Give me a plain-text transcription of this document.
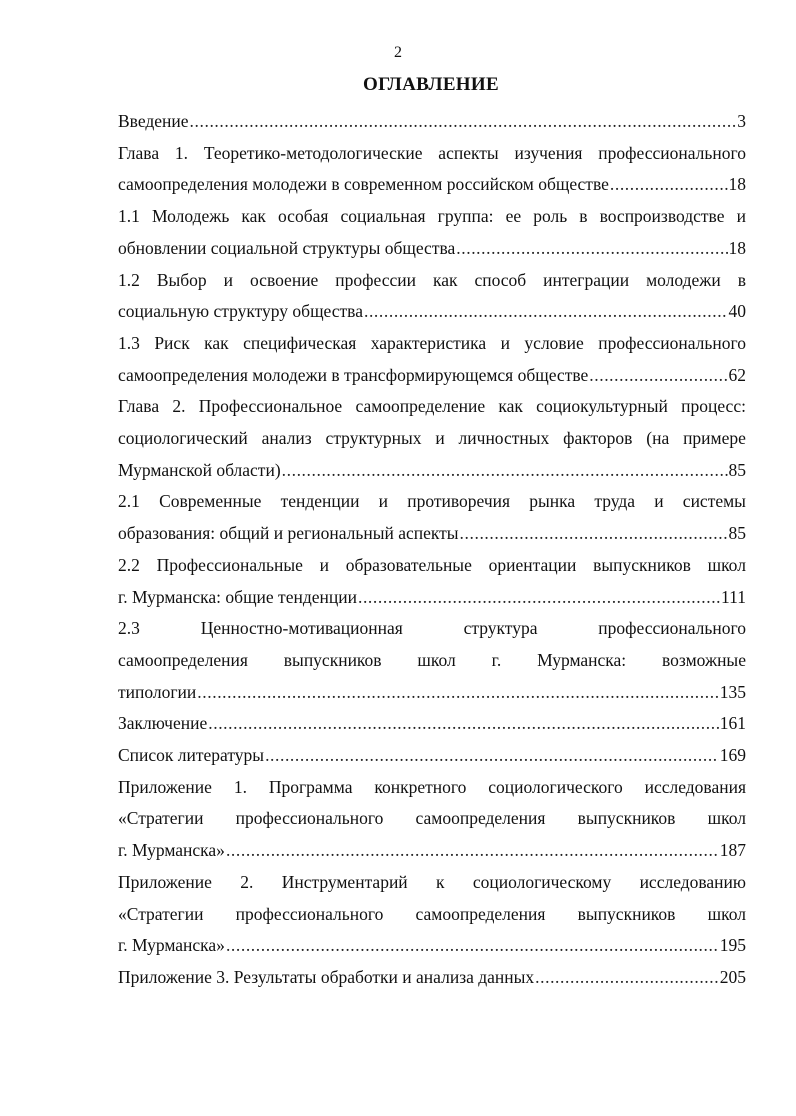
2
ОГЛАВЛЕНИЕ
Введение .....	3
Глава 1. Теоретико-методологические аспекты изучения профессионального
самоопределения молодежи в современном российском обществе .....	18
1.1 Молодежь как особая социальная группа: ее роль в воспроизводстве и
обновлении социальной структуры общества .....	18
1.2 Выбор и освоение профессии как способ интеграции молодежи в
социальную структуру общества .....	40
1.3 Риск как специфическая характеристика и условие профессионального
самоопределения молодежи в трансформирующемся обществе .....	62
Глава 2. Профессиональное самоопределение как социокультурный процесс:
социологический анализ структурных и личностных факторов (на примере
Мурманской области) .....	85
2.1 Современные тенденции и противоречия рынка труда и системы
образования: общий и региональный аспекты .....	85
2.2 Профессиональные и образовательные ориентации выпускников школ
г. Мурманска: общие тенденции .....	111
2.3	Ценностно-мотивационная	структура	профессионального
самоопределения выпускников школ г. Мурманска: возможные
типологии .....	135
Заключение .....	161
Список литературы .....	169
Приложение 1. Программа конкретного социологического исследования
«Стратегии профессионального самоопределения выпускников школ
г. Мурманска» .....	187
Приложение 2. Инструментарий к социологическому исследованию
«Стратегии профессионального самоопределения выпускников школ
г. Мурманска» .....	195
Приложение 3. Результаты обработки и анализа данных .....	205
